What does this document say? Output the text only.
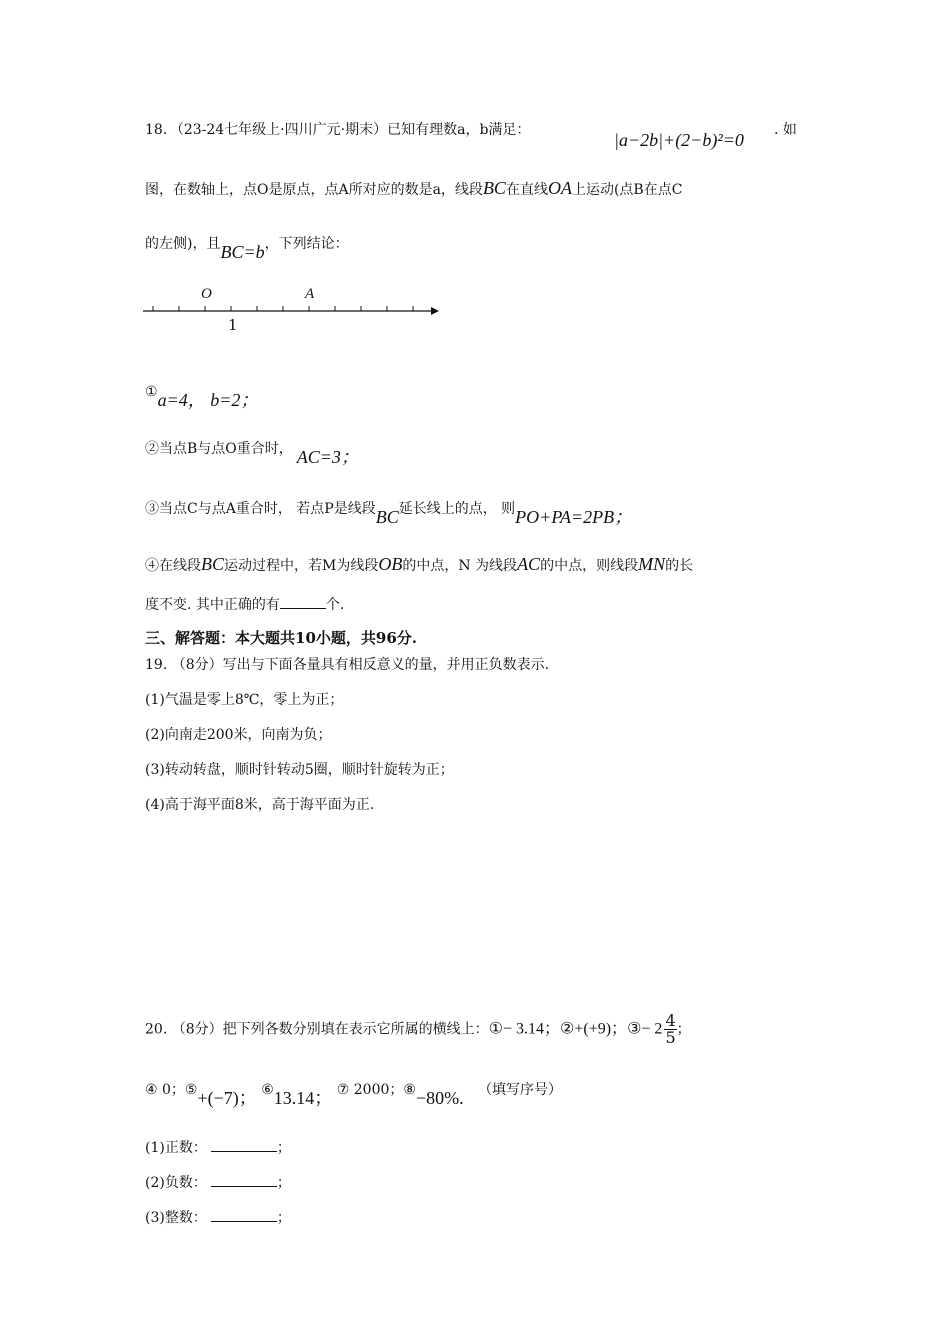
18．（23-24七年级上·四川广元·期末）已知有理数a，b满足：	|a−2b|+(2−b)²=0 . 如
图，在数轴上，点O是原点，点A所对应的数是a，线段BC在直线OA上运动(点B在点C
的左侧)，且BC=b，下列结论：
O	A
1
①a=4， b=2；
②当点B与点O重合时， AC=3；
③当点C与点A重合时， 若点P是线段BC延长线上的点， 则PO+PA=2PB；
④在线段BC运动过程中，若M为线段OB的中点，N 为线段AC的中点，则线段MN的长
度不变. 其中正确的有	个.
三、解答题：本大题共10小题，共96分.
19. （8分）写出与下面各量具有相反意义的量，并用正负数表示.
(1)气温是零上8℃，零上为正；
(2)向南走200米，向南为负；
(3)转动转盘，顺时针转动5圈，顺时针旋转为正；
(4)高于海平面8米，高于海平面为正.
20. （8分）把下列各数分别填在表示它所属的横线上：①− 3.14；②+(+9)；③− $2 \frac{4}{5}$ ；
④ 0；⑤+(−7)； ⑥13.14； ⑦ 2000；⑧−80%. （填写序号）
(1)正数：	；
(2)负数：	；
(3)整数：	；
